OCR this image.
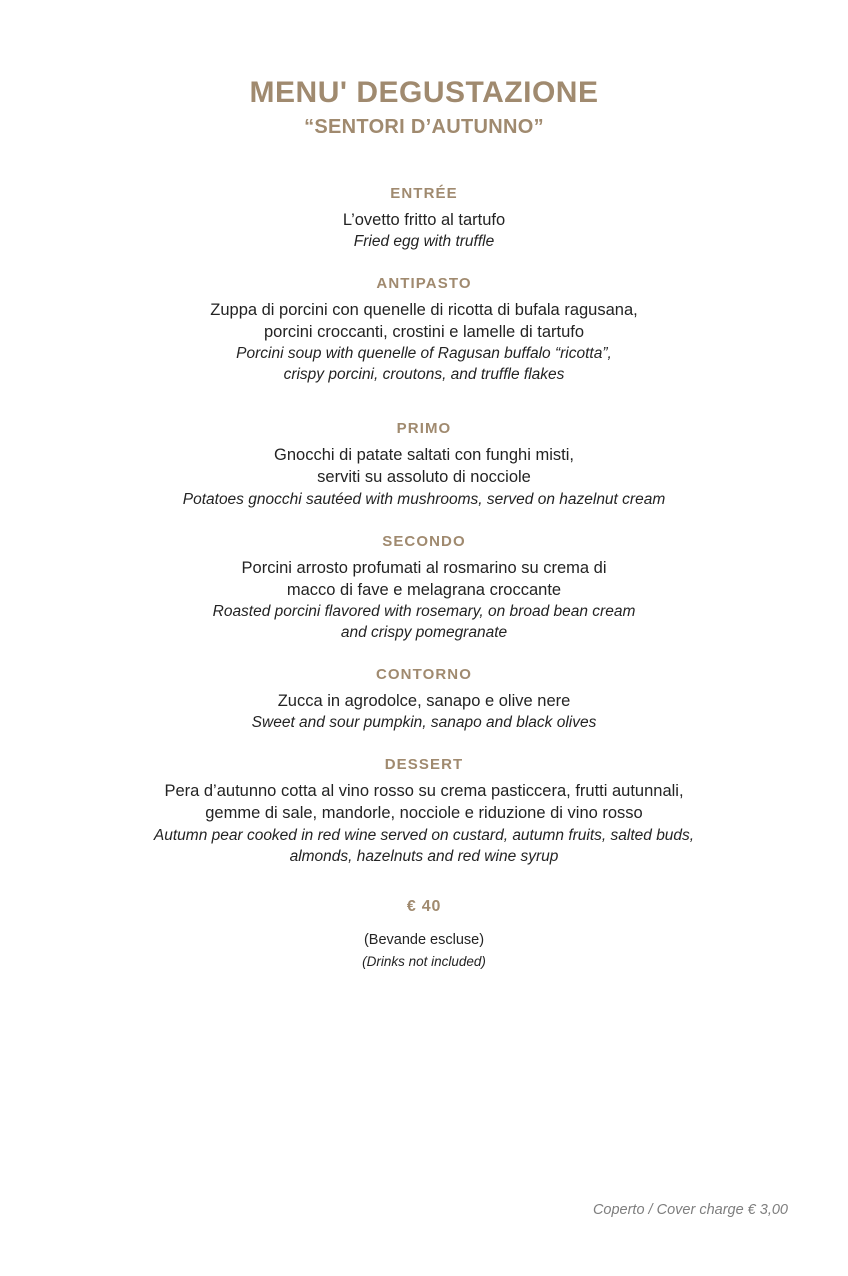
MENU' DEGUSTAZIONE
“SENTORI D’AUTUNNO”
ENTRÉE
L’ovetto fritto al tartufo
Fried egg with truffle
ANTIPASTO
Zuppa di porcini con quenelle di ricotta di bufala ragusana,
porcini croccanti, crostini e lamelle di tartufo
Porcini soup with quenelle of Ragusan buffalo “ricotta”,
crispy porcini, croutons, and truffle flakes
PRIMO
Gnocchi di patate saltati con funghi misti,
serviti su assoluto di nocciole
Potatoes gnocchi sautéed with mushrooms, served on hazelnut cream
SECONDO
Porcini arrosto profumati al rosmarino su crema di
macco di fave e melagrana croccante
Roasted porcini flavored with rosemary, on broad bean cream
and crispy pomegranate
CONTORNO
Zucca in agrodolce, sanapo e olive nere
Sweet and sour pumpkin, sanapo and black olives
DESSERT
Pera d’autunno cotta al vino rosso su crema pasticcera, frutti autunnali,
gemme di sale, mandorle, nocciole e riduzione di vino rosso
Autumn pear cooked in red wine served on custard, autumn fruits, salted buds,
almonds, hazelnuts and red wine syrup
€ 40
(Bevande escluse)
(Drinks not included)
Coperto / Cover charge € 3,00
